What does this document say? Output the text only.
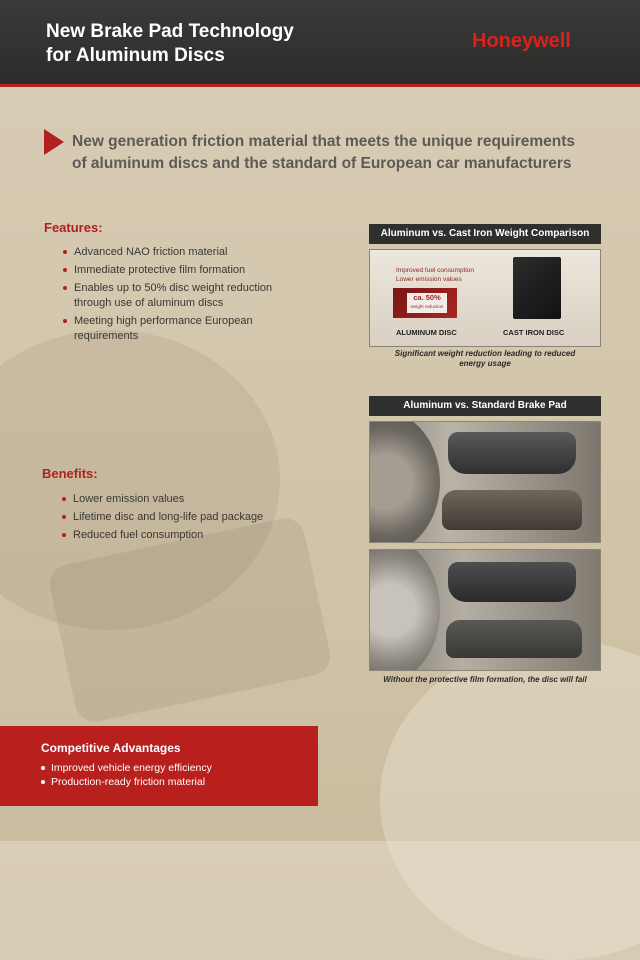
New Brake Pad Technology
for Aluminum Discs
Honeywell
New generation friction material that meets the unique requirements
of aluminum discs and the standard of European car manufacturers
Features:
Advanced NAO friction material
Immediate protective film formation
Enables up to 50% disc weight reduction through use of aluminum discs
Meeting high performance European requirements
Benefits:
Lower emission values
Lifetime disc and long-life pad package
Reduced fuel consumption
Aluminum vs. Cast Iron Weight Comparison
Improved fuel consumption
Lower emission values
ca. 50%
weight reduction
ALUMINUM DISC	CAST IRON DISC
Significant weight reduction leading to reduced
energy usage
Aluminum vs. Standard Brake Pad
Without the protective film formation, the disc will fail
Competitive Advantages
Improved vehicle energy efficiency
Production-ready friction material
